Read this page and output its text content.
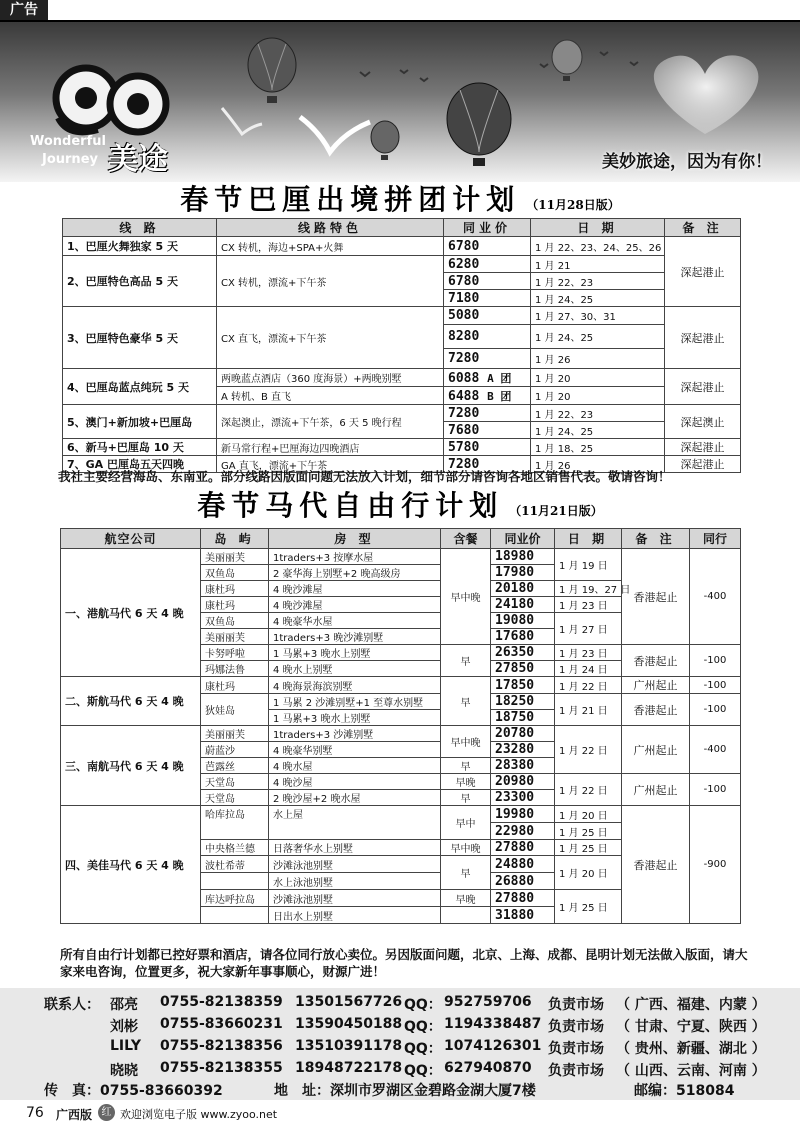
广告
Wonderful
Journey 美途	美妙旅途，因为有你！
春节巴厘出境拼团计划 （11月28日版）
线 路	线路特色	同业价	日 期	备 注
1、巴厘火舞独家 5 天	CX 转机，海边+SPA+火舞	6780	1 月 22、23、24、25、26	深起港止

2、巴厘特色高品 5 天	CX 转机，漂流+下午茶	6280	1 月 21	
		6780	1 月 22、23	
		7180	1 月 24、25	
3、巴厘特色豪华 5 天	CX 直飞，漂流+下午茶	5080	1 月 27、30、31	深起港止
		8280	1 月 24、25	
		7280	1 月 26	
4、巴厘岛蓝点纯玩 5 天	两晚蓝点酒店（360 度海景）+两晚别墅	6088 A 团	1 月 20	深起港止
	A 转机、B 直飞	6488 B 团	1 月 20	
5、澳门+新加坡+巴厘岛	深起澳止，漂流+下午茶，6 天 5 晚行程	7280	1 月 22、23	深起澳止
		7680	1 月 24、25	
6、新马+巴厘岛 10 天	新马常行程+巴厘海边四晚酒店	5780	1 月 18、25	深起港止
7、GA 巴厘岛五天四晚	GA 直飞，漂流+下午茶	7280	1 月 26	深起港止
我社主要经营海岛、东南亚。部分线路因版面问题无法放入计划，细节部分请咨询各地区销售代表。敬请咨询！
春节马代自由行计划 （11月21日版）
航空公司	岛 屿	房 型	含餐	同业价	日 期	备 注	同行
一、港航马代 6 天 4 晚	美丽丽芙	1traders+3 按摩水屋	早中晚	18980	1 月 19 日	香港起止	-400
	双鱼岛	2 豪华海上别墅+2 晚高级房		17980			
	康杜玛	4 晚沙滩屋		20180	1 月 19、27 日		
	康杜玛	4 晚沙滩屋		24180	1 月 23 日		
	双鱼岛	4 晚豪华水屋		19080	1 月 27 日		
	美丽丽芙	1traders+3 晚沙滩别墅		17680			
	卡努呼啦	1 马累+3 晚水上别墅	早	26350	1 月 23 日	香港起止	-100
	玛娜法鲁	4 晚水上别墅		27850	1 月 24 日		
二、斯航马代 6 天 4 晚	康杜玛	4 晚海景海滨别墅	早	17850	1 月 22 日	广州起止	-100
	狄娃岛	1 马累 2 沙滩别墅+1 至尊水别墅		18250	1 月 21 日	香港起止	-100
		1 马累+3 晚水上别墅		18750			
三、南航马代 6 天 4 晚	美丽丽芙	1traders+3 沙滩别墅	早中晚	20780	1 月 22 日	广州起止	-400
	蔚蓝沙	4 晚豪华别墅		23280			
	芭露丝	4 晚水屋	早	28380			
	天堂岛	4 晚沙屋	早晚	20980	1 月 22 日	广州起止	-100
	天堂岛	2 晚沙屋+2 晚水屋	早	23300			
四、美佳马代 6 天 4 晚	哈库拉岛	水上屋	早中	19980	1 月 20 日	香港起止	-900
				22980	1 月 25 日		
	中央格兰德	日落奢华水上别墅	早中晚	27880	1 月 25 日		
	波杜希蒂	沙滩泳池别墅	早	24880	1 月 20 日		
		水上泳池别墅		26880			
	库达呼拉岛	沙滩泳池别墅	早晚	27880	1 月 25 日		
		日出水上别墅		31880			
所有自由行计划都已控好票和酒店，请各位同行放心卖位。另因版面问题，北京、上海、成都、昆明计划无法做入版面，请大家来电咨询，位置更多，祝大家新年事事顺心，财源广进！
联系人： 邵亮 0755-82138359 13501567726 QQ： 952759706 负责市场 （ 广西、福建、内蒙 ）
刘彬 0755-83660231 13590450188 QQ： 1194338487 负责市场 （ 甘肃、宁夏、陕西 ）
LILY 0755-82138356 13510391178 QQ： 1074126301 负责市场 （ 贵州、新疆、湖北 ）
晓晓 0755-82138355 18948722178 QQ： 627940870 负责市场 （ 山西、云南、河南 ）
传　真：0755-83660392	地　址：深圳市罗湖区金碧路金湖大厦7楼	邮编：518084
76 广西版 红 欢迎浏览电子版 www.zyoo.net
